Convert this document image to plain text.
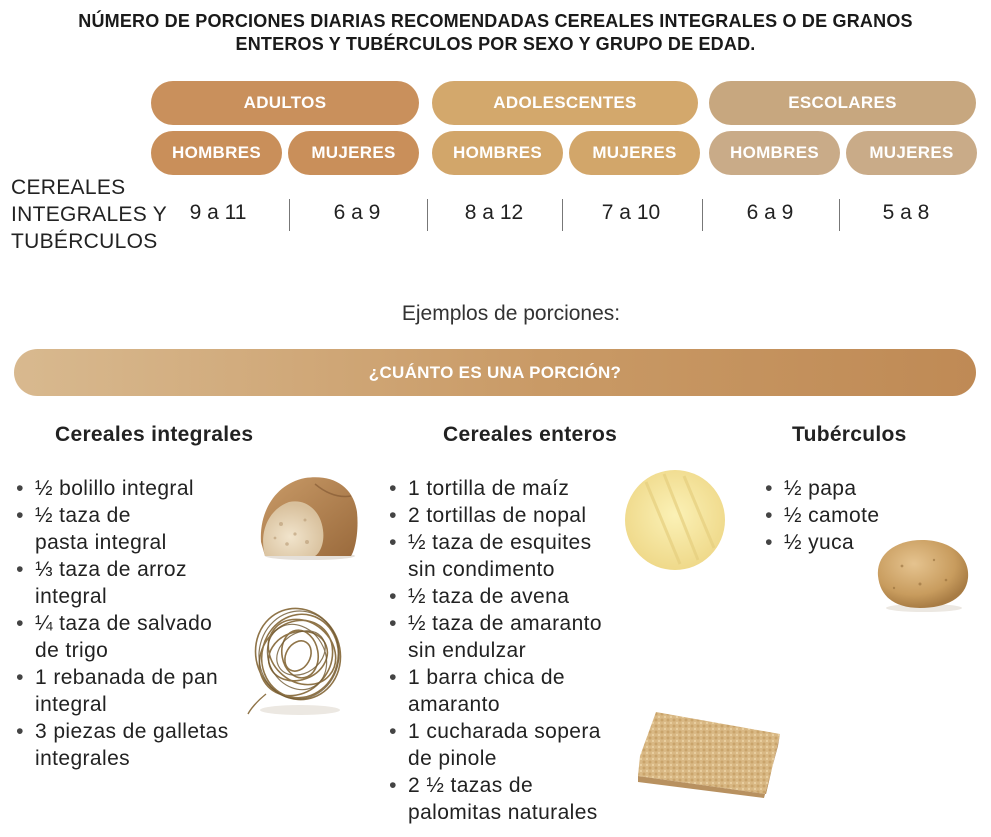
NÚMERO DE PORCIONES DIARIAS RECOMENDADAS CEREALES INTEGRALES O DE GRANOS
ENTEROS Y TUBÉRCULOS POR SEXO Y GRUPO DE EDAD.
ADULTOS	ADOLESCENTES	ESCOLARES
HOMBRES	MUJERES	HOMBRES	MUJERES	HOMBRES	MUJERES
CEREALES
INTEGRALES Y
TUBÉRCULOS
9 a 11	6 a 9	8 a 12	7 a 10	6 a 9	5 a 8
Ejemplos de porciones:
¿CUÁNTO ES UNA PORCIÓN?
Cereales integrales	Cereales enteros	Tubérculos
• ½ bolillo integral
• ½ taza de
pasta integral
• ⅓ taza de arroz
integral
• ¼ taza de salvado
de trigo
• 1 rebanada de pan
integral
• 3 piezas de galletas
integrales
• 1 tortilla de maíz
• 2 tortillas de nopal
• ½ taza de esquites
sin condimento
• ½ taza de avena
• ½ taza de amaranto
sin endulzar
• 1 barra chica de
amaranto
• 1 cucharada sopera
de pinole
• 2 ½ tazas de
palomitas naturales
• ½ papa
• ½ camote
• ½ yuca
